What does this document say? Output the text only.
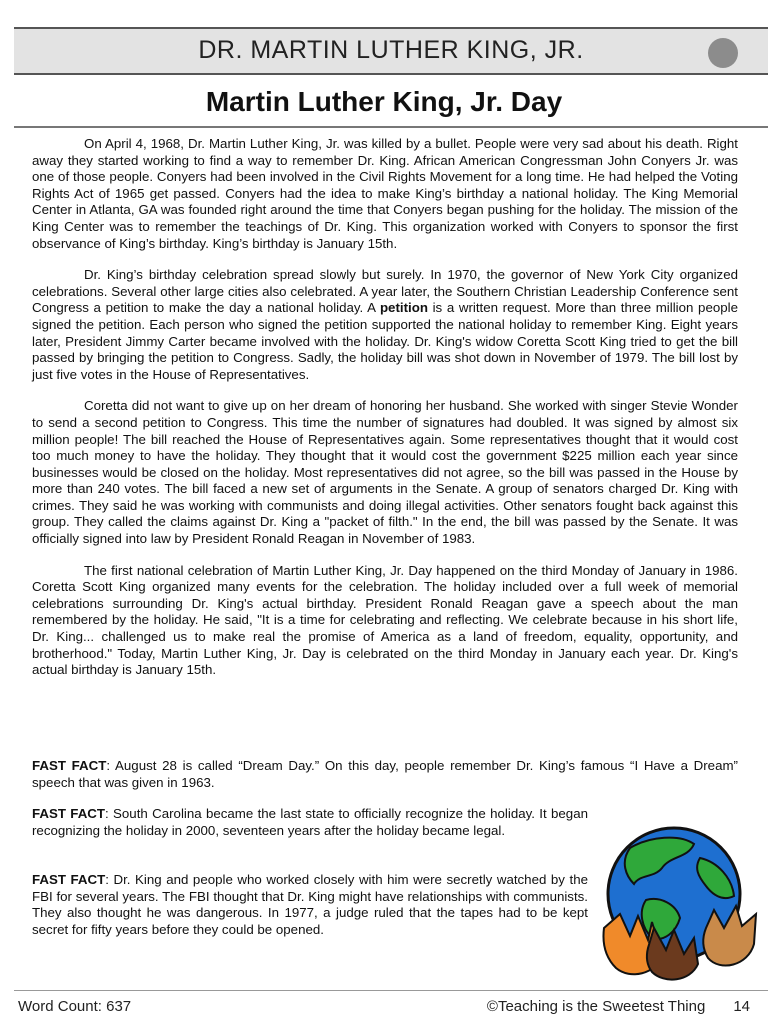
DR. MARTIN LUTHER KING, JR.
Martin Luther King, Jr. Day

On April 4, 1968, Dr. Martin Luther King, Jr. was killed by a bullet. People were very sad about his death. Right away they started working to find a way to remember Dr. King. African American Congressman John Conyers Jr. was one of those people. Conyers had been involved in the Civil Rights Movement for a long time. He had helped the Voting Rights Act of 1965 get passed. Conyers had the idea to make King’s birthday a national holiday. The King Memorial Center in Atlanta, GA was founded right around the time that Conyers began pushing for the holiday. The mission of the King Center was to remember the teachings of Dr. King. This organization worked with Conyers to sponsor the first observance of King’s birthday. King’s birthday is January 15th.

Dr. King’s birthday celebration spread slowly but surely. In 1970, the governor of New York City organized celebrations. Several other large cities also celebrated. A year later, the Southern Christian Leadership Conference sent Congress a petition to make the day a national holiday. A petition is a written request. More than three million people signed the petition. Each person who signed the petition supported the national holiday to remember King. Eight years later, President Jimmy Carter became involved with the holiday. Dr. King's widow Coretta Scott King tried to get the bill passed by bringing the petition to Congress. Sadly, the holiday bill was shot down in November of 1979. The bill lost by just five votes in the House of Representatives.

Coretta did not want to give up on her dream of honoring her husband. She worked with singer Stevie Wonder to send a second petition to Congress. This time the number of signatures had doubled. It was signed by almost six million people! The bill reached the House of Representatives again. Some representatives thought that it would cost too much money to have the holiday. They thought that it would cost the government $225 million each year since businesses would be closed on the holiday. Most representatives did not agree, so the bill was passed in the House by more than 240 votes. The bill faced a new set of arguments in the Senate. A group of senators charged Dr. King with crimes. They said he was working with communists and doing illegal activities. Other senators fought back against this group. They called the claims against Dr. King a "packet of filth." In the end, the bill was passed by the Senate. It was officially signed into law by President Ronald Reagan in November of 1983.

The first national celebration of Martin Luther King, Jr. Day happened on the third Monday of January in 1986. Coretta Scott King organized many events for the celebration. The holiday included over a full week of memorial celebrations surrounding Dr. King's actual birthday. President Ronald Reagan gave a speech about the man remembered by the holiday. He said, "It is a time for celebrating and reflecting. We celebrate because in his short life, Dr. King... challenged us to make real the promise of America as a land of freedom, equality, opportunity, and brotherhood." Today, Martin Luther King, Jr. Day is celebrated on the third Monday in January each year. Dr. King's actual birthday is January 15th.

FAST FACT: August 28 is called “Dream Day.” On this day, people remember Dr. King’s famous “I Have a Dream” speech that was given in 1963.

FAST FACT: South Carolina became the last state to officially recognize the holiday. It began recognizing the holiday in 2000, seventeen years after the holiday became legal.

FAST FACT: Dr. King and people who worked closely with him were secretly watched by the FBI for several years. The FBI thought that Dr. King might have relationships with communists. They also thought he was dangerous. In 1977, a judge ruled that the tapes had to be kept secret for fifty years before they could be opened.

Word Count: 637	©Teaching is the Sweetest Thing 14
